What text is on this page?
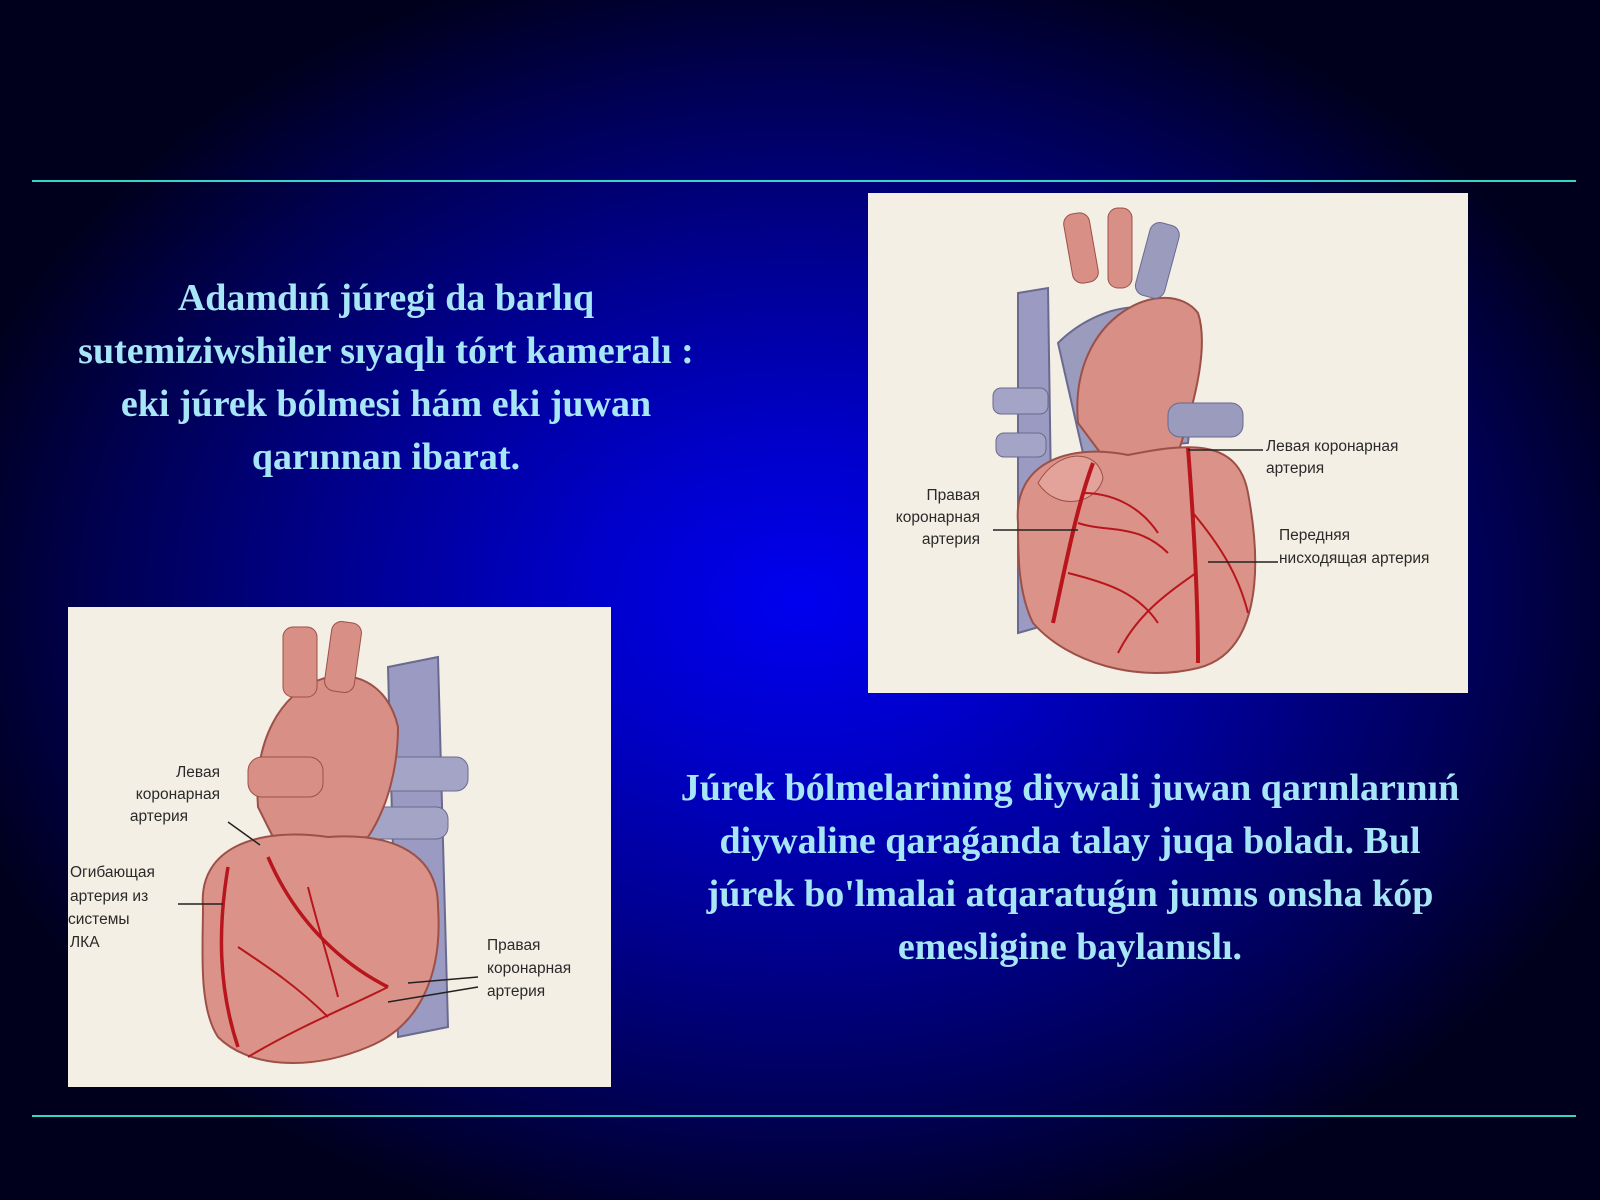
Adamdıń júregi da barlıq sutemiziwshiler sıyaqlı tórt kameralı : eki júrek bólmesi hám eki juwan qarınnan ibarat.
Júrek bólmelarining diywali juwan qarınlarınıń diywaline qaraǵanda talay juqa boladı. Bul júrek bo'lmalai atqaratuǵın jumıs onsha kóp emesligine baylanıslı.
Левая коронарная
артерия
Правая
коронарная
артерия	Передняя
нисходящая артерия
Левая
коронарная
артерия
Огибающая
артерия из
системы
ЛКА	Правая
коронарная
артерия
